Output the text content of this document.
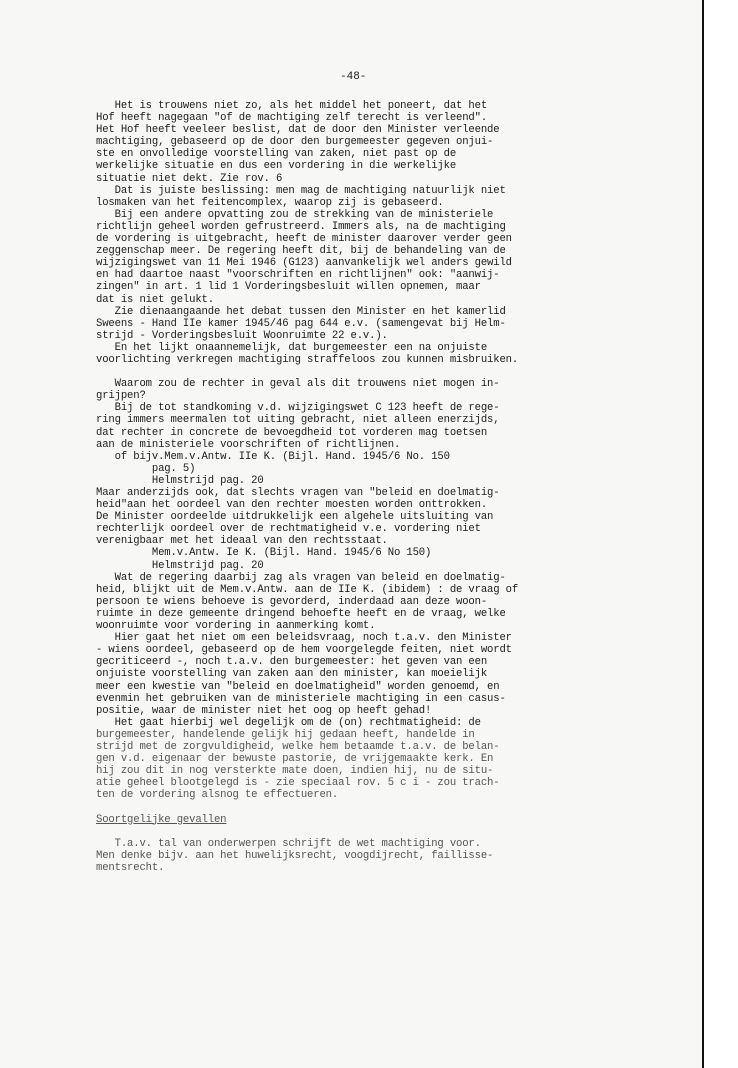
-48-
Het is trouwens niet zo, als het middel het poneert, dat het
Hof heeft nagegaan "of de machtiging zelf terecht is verleend".
Het Hof heeft veeleer beslist, dat de door den Minister verleende
machtiging, gebaseerd op de door den burgemeester gegeven onjui-
ste en onvolledige voorstelling van zaken, niet past op de
werkelijke situatie en dus een vordering in die werkelijke
situatie niet dekt. Zie rov. 6
Dat is juiste beslissing: men mag de machtiging natuurlijk niet
losmaken van het feitencomplex, waarop zij is gebaseerd.
Bij een andere opvatting zou de strekking van de ministeriele
richtlijn geheel worden gefrustreerd. Immers als, na de machtiging
de vordering is uitgebracht, heeft de minister daarover verder geen
zeggenschap meer. De regering heeft dit, bij de behandeling van de
wijzigingswet van 11 Mei 1946 (G123) aanvankelijk wel anders gewild
en had daartoe naast "voorschriften en richtlijnen" ook: "aanwij-
zingen" in art. 1 lid 1 Vorderingsbesluit willen opnemen, maar
dat is niet gelukt.
Zie dienaangaande het debat tussen den Minister en het kamerlid
Sweens - Hand IIe kamer 1945/46 pag 644 e.v. (samengevat bij Helm-
strijd - Vorderingsbesluit Woonruimte 22 e.v.).
En het lijkt onaannemelijk, dat burgemeester een na onjuiste
voorlichting verkregen machtiging straffeloos zou kunnen misbruiken.
Waarom zou de rechter in geval als dit trouwens niet mogen in-
grijpen?
Bij de tot standkoming v.d. wijzigingswet C 123 heeft de rege-
ring immers meermalen tot uiting gebracht, niet alleen enerzijds,
dat rechter in concrete de bevoegdheid tot vorderen mag toetsen
aan de ministeriele voorschriften of richtlijnen.
of bijv.Mem.v.Antw. IIe K. (Bijl. Hand. 1945/6 No. 150
pag. 5)
Helmstrijd pag. 20
Maar anderzijds ook, dat slechts vragen van "beleid en doelmatig-
heid"aan het oordeel van den rechter moesten worden onttrokken.
De Minister oordeelde uitdrukkelijk een algehele uitsluiting van
rechterlijk oordeel over de rechtmatigheid v.e. vordering niet
verenigbaar met het ideaal van den rechtsstaat.
Mem.v.Antw. Ie K. (Bijl. Hand. 1945/6 No 150)
Helmstrijd pag. 20
Wat de regering daarbij zag als vragen van beleid en doelmatig-
heid, blijkt uit de Mem.v.Antw. aan de IIe K. (ibidem) : de vraag of
persoon te wiens behoeve is gevorderd, inderdaad aan deze woon-
ruimte in deze gemeente dringend behoefte heeft en de vraag, welke
woonruimte voor vordering in aanmerking komt.
Hier gaat het niet om een beleidsvraag, noch t.a.v. den Minister
- wiens oordeel, gebaseerd op de hem voorgelegde feiten, niet wordt
gecriticeerd -, noch t.a.v. den burgemeester: het geven van een
onjuiste voorstelling van zaken aan den minister, kan moeielijk
meer een kwestie van "beleid en doelmatigheid" worden genoemd, en
evenmin het gebruiken van de ministeriele machtiging in een casus-
positie, waar de minister niet het oog op heeft gehad!
Het gaat hierbij wel degelijk om de (on) rechtmatigheid: de
burgemeester, handelende gelijk hij gedaan heeft, handelde in
strijd met de zorgvuldigheid, welke hem betaamde t.a.v. de belan-
gen v.d. eigenaar der bewuste pastorie, de vrijgemaakte kerk. En
hij zou dit in nog versterkte mate doen, indien hij, nu de situ-
atie geheel blootgelegd is - zie speciaal rov. 5 c i - zou trach-
ten de vordering alsnog te effectueren.
Soortgelijke gevallen
T.a.v. tal van onderwerpen schrijft de wet machtiging voor.
Men denke bijv. aan het huwelijksrecht, voogdijrecht, faillisse-
mentsrecht.
